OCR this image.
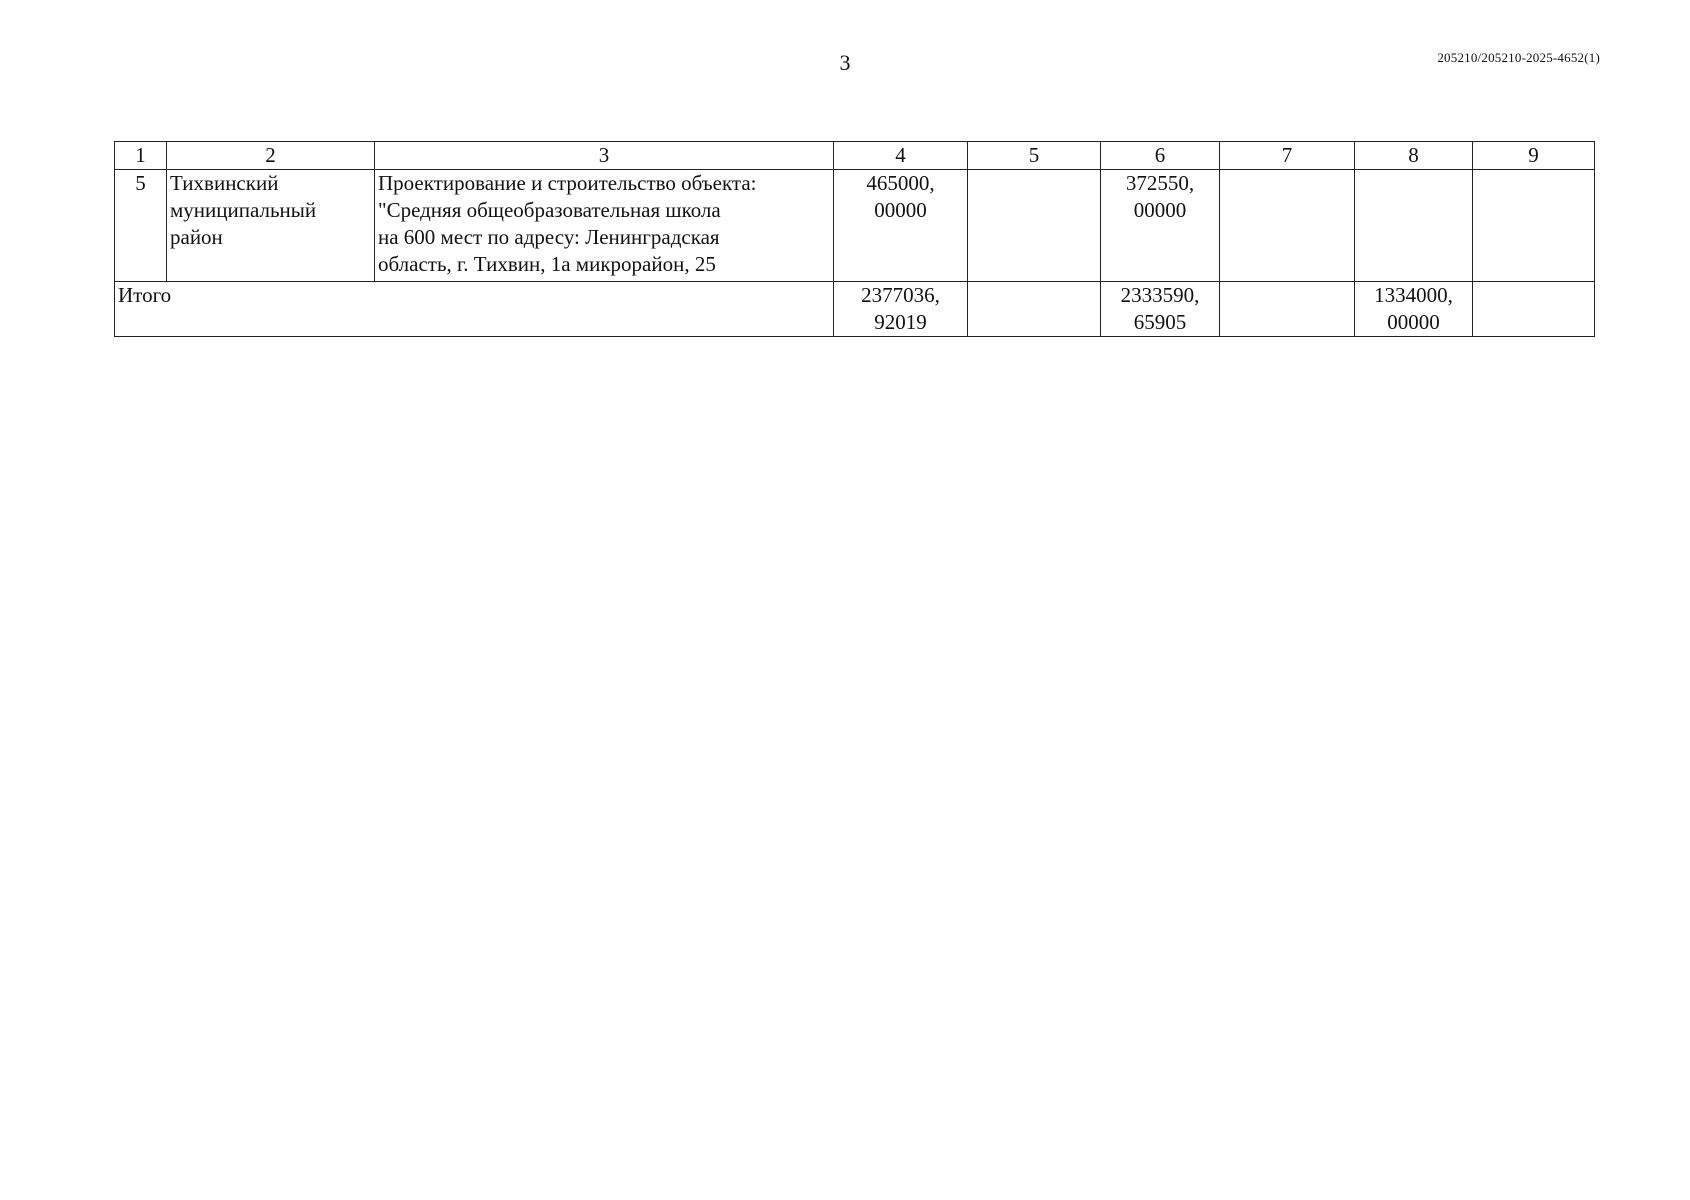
3	205210/205210-2025-4652(1)
1	2	3	4	5	6	7	8	9
5	Тихвинский
муниципальный
район	Проектирование и строительство объекта:
"Средняя общеобразовательная школа
на 600 мест по адресу: Ленинградская
область, г. Тихвин, 1а микрорайон, 25	465000,
00000		372550,
00000			
Итого			2377036,
92019		2333590,
65905		1334000,
00000	
